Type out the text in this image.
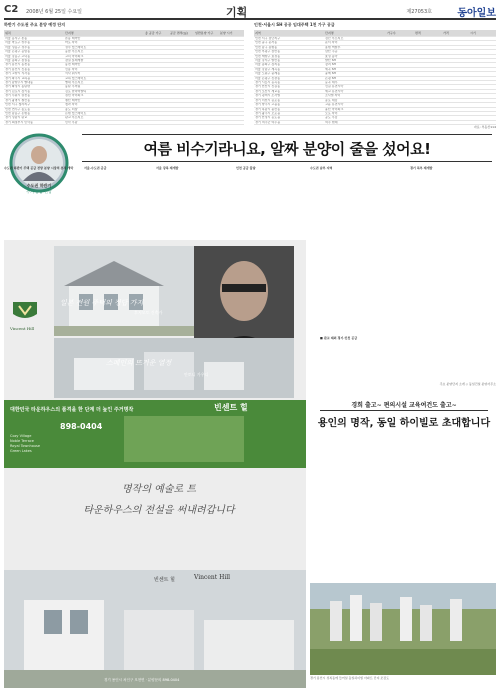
C2 2008년 6월 25일 수요일	기획	제27053호	동아일보
하반기 수도권 주요 분양 예정 단지
위치	단지명	총 공급 가구	공급 면적(㎡)	일반분양 가구	분양 시기
서울 동작구 본동	본동 래미안				
서울 마포구 상수동	마포 자이				
서울 성동구 성수동	성수 힐스테이트				
서울 은평구 응암동	응암 푸르지오				
서울 강동구 고덕동	고덕 아이파크				
서울 송파구 잠실동	잠실 롯데캐슬				
경기 용인시 동천동	동천 래미안				
경기 용인시 신봉동	신봉 자이				
경기 고양시 식사동	식사 위시티				
경기 파주시 교하읍	교하 힐스테이트				
경기 남양주시 별내동	별내 푸르지오				
경기 화성시 동탄면	동탄 우미린				
경기 김포시 장기동	김포 한라비발디				
경기 수원시 권선동	권선 아이파크				
경기 광명시 철산동	철산 래미안				
인천 서구 청라지구	청라 자이				
인천 연수구 송도동	송도 더샵				
인천 남동구 논현동	논현 힐스테이트				
경기 성남시 판교	판교 푸르지오				
경기 의정부시 민락동	민락 우남				
인천·서울시 SH 공공 임대주택 1천 가구 공급
지역	단지명	가구수	면적	가격	시기
인천 서구 검단지구	검단 푸르지오				
인천 중구 운서동	운서 자이				
인천 남구 용현동	용현 엑슬루				
인천 부평구 삼산동	삼산 주공				
인천 계양구 효성동	효성 동아				
서울 강서구 발산동	발산 SH				
서울 송파구 장지동	장지 SH				
서울 강남구 세곡동	세곡 SH				
서울 노원구 중계동	중계 SH				
서울 은평구 진관동	은평 SH				
경기 시흥시 능곡동	능곡 대우				
경기 안산시 신길동	신길 휴먼시아				
경기 오산시 세교동	세교 휴먼시아				
경기 평택시 소사벌	소사벌 자이				
경기 이천시 증포동	증포 대림				
경기 양주시 고읍동	고읍 휴먼시아				
경기 하남시 풍산동	풍산 아이파크				
경기 광주시 오포읍	오포 자이				
경기 안성시 공도읍	공도 우림				
경기 여주군 여주읍	여주 현대				
자료: 부동산114
수도권 하반기
주거 공급 전망
여름 비수기라니요, 알짜 분양이 줄을 섰어요!
수도권 하반기 주택 공급 전망 분양 시장의 본격 개막	서울·수도권 공급	서울 강북 재개발	인천 공급 물량	수도권 남부 지역	경기 북부 재개발
Vincent Hill
일본 전원 주택의 정답 가지
후지모토 건축가
스페인의 뜨거운 열정
안토니 가우디
대한민국 타운하우스의 품격을 한 단계 더 높인 주거명작	빈센트 힐
898-0404
Cozy Village
Noble Terrace
Royal Townhouse
Green Lakes
명작의 예술로 트
타운하우스의 전설을 써내려갑니다
빈센트 힐	Vincent Hill
경기 용인시 처인구 모현면 · 분양문의 898-0404
■ 판교 제외 경기·인천 공급
주요 분양단지 소개 ◇ 동일건설 분양사무소
경희 출고~ 편의시설 교육여건도 출고~
용인의 명작, 동일 하이빌로 초대합니다
경기 용인시 성복동에 들어설 동일하이빌 아파트 단지 조감도
